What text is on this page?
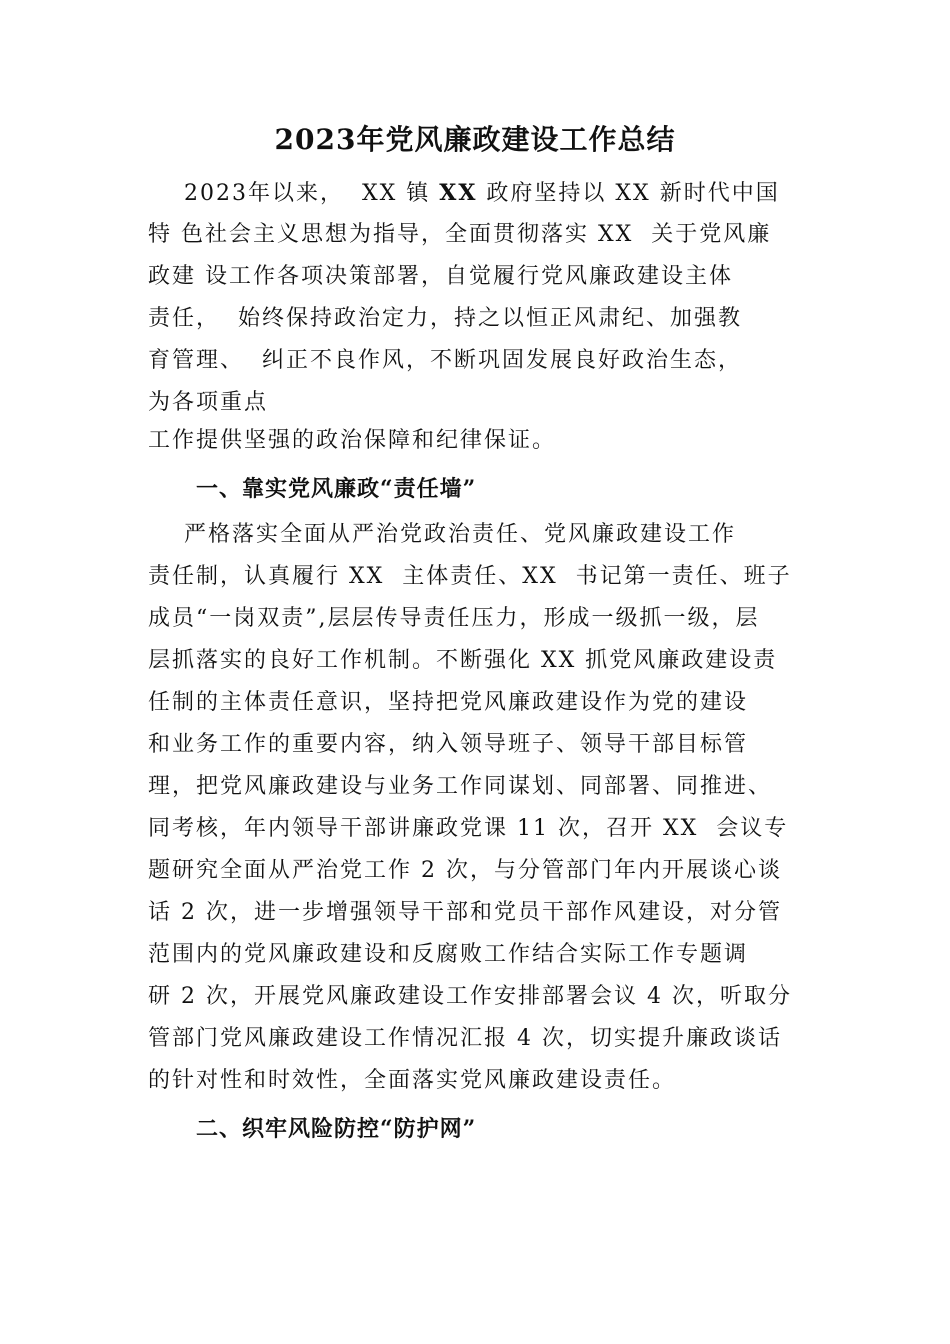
2023年党风廉政建设工作总结
2023年以来，  XX 镇 XX 政府坚持以 XX 新时代中国
特 色社会主义思想为指导，全面贯彻落实 XX  关于党风廉
政建 设工作各项决策部署，自觉履行党风廉政建设主体
责任，  始终保持政治定力，持之以恒正风肃纪、加强教
育管理、  纠正不良作风，不断巩固发展良好政治生态，
为各项重点
工作提供坚强的政治保障和纪律保证。
一、靠实党风廉政“责任墙”
严格落实全面从严治党政治责任、党风廉政建设工作
责任制，认真履行 XX  主体责任、XX  书记第一责任、班子
成员“一岗双责”,层层传导责任压力，形成一级抓一级，层
层抓落实的良好工作机制。不断强化 XX 抓党风廉政建设责
任制的主体责任意识，坚持把党风廉政建设作为党的建设
和业务工作的重要内容，纳入领导班子、领导干部目标管
理，把党风廉政建设与业务工作同谋划、同部署、同推进、
同考核，年内领导干部讲廉政党课 11 次，召开 XX  会议专
题研究全面从严治党工作 2 次，与分管部门年内开展谈心谈
话 2 次，进一步增强领导干部和党员干部作风建设，对分管
范围内的党风廉政建设和反腐败工作结合实际工作专题调
研 2 次，开展党风廉政建设工作安排部署会议 4 次，听取分
管部门党风廉政建设工作情况汇报 4 次，切实提升廉政谈话
的针对性和时效性，全面落实党风廉政建设责任。
二、织牢风险防控“防护网”
